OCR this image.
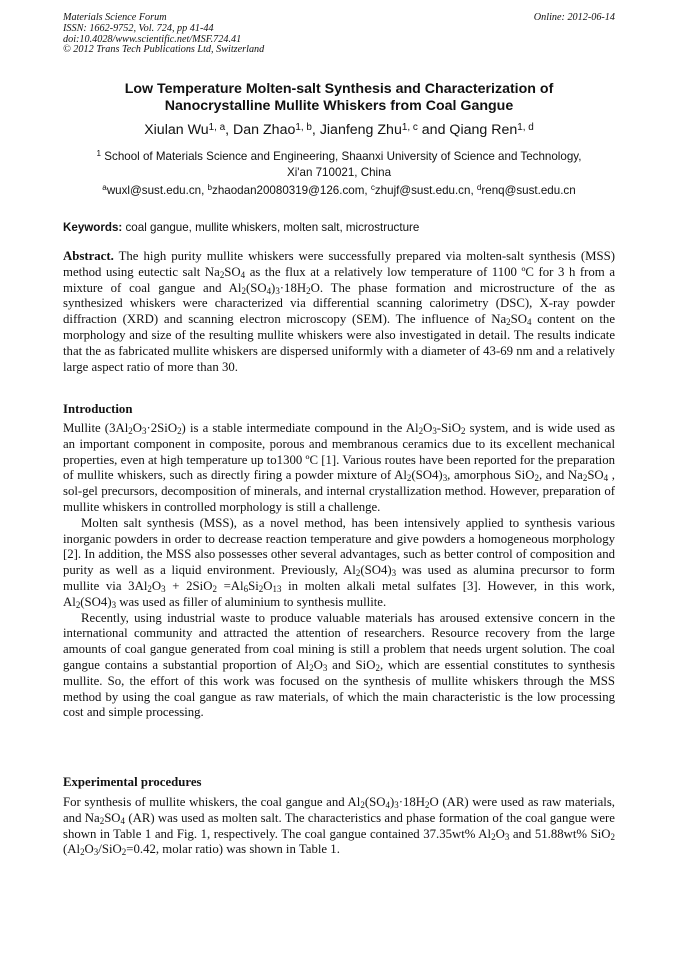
Materials Science Forum
ISSN: 1662-9752, Vol. 724, pp 41-44
doi:10.4028/www.scientific.net/MSF.724.41
© 2012 Trans Tech Publications Ltd, Switzerland
Online: 2012-06-14
Low Temperature Molten-salt Synthesis and Characterization of
Nanocrystalline Mullite Whiskers from Coal Gangue
Xiulan Wu$^{1, a}$, Dan Zhao$^{1, b}$, Jianfeng Zhu$^{1, c}$ and Qiang Ren$^{1, d}$
$^1$ School of Materials Science and Engineering, Shaanxi University of Science and Technology,
Xi'an 710021, China
$^a$wuxl@sust.edu.cn, $^b$zhaodan20080319@126.com, $^c$zhujf@sust.edu.cn, $^d$renq@sust.edu.cn
Keywords: coal gangue, mullite whiskers, molten salt, microstructure

Abstract. The high purity mullite whiskers were successfully prepared via molten-salt synthesis (MSS) method using eutectic salt $Na_2SO_4$ as the flux at a relatively low temperature of 1100 ºC for 3 h from a mixture of coal gangue and $Al_2(SO_4)_3\cdot 18H_2O$. The phase formation and microstructure of the as synthesized whiskers were characterized via differential scanning calorimetry (DSC), X-ray powder diffraction (XRD) and scanning electron microscopy (SEM). The influence of $Na_2SO_4$ content on the morphology and size of the resulting mullite whiskers were also investigated in detail. The results indicate that the as fabricated mullite whiskers are dispersed uniformly with a diameter of 43-69 nm and a relatively large aspect ratio of more than 30.

Introduction

Mullite $(3Al_2O_3\cdot 2SiO_2)$ is a stable intermediate compound in the $Al_2O_3-SiO_2$ system, and is wide used as an important component in composite, porous and membranous ceramics due to its excellent mechanical properties, even at high temperature up to1300 ºC [1]. Various routes have been reported for the preparation of mullite whiskers, such as directly firing a powder mixture of $Al_2(SO4)_3$, amorphous SiO$_2$, and $Na_2SO_4$ , sol-gel precursors, decomposition of minerals, and internal crystallization method. However, preparation of mullite whiskers in controlled morphology is still a challenge.

Molten salt synthesis (MSS), as a novel method, has been intensively applied to synthesis various inorganic powders in order to decrease reaction temperature and give powders a homogeneous morphology [2]. In addition, the MSS also possesses other several advantages, such as better control of composition and purity as well as a liquid environment. Previously, $Al_2(SO4)_3$ was used as alumina precursor to form mullite via $3Al_2O_3 + 2SiO_2 =Al_6Si_2O_{13}$ in molten alkali metal sulfates [3]. However, in this work, $Al_2(SO4)_3$ was used as filler of aluminium to synthesis mullite.

Recently, using industrial waste to produce valuable materials has aroused extensive concern in the international community and attracted the attention of researchers. Resource recovery from the large amounts of coal gangue generated from coal mining is still a problem that needs urgent solution. The coal gangue contains a substantial proportion of $Al_2O_3$ and SiO$_2$, which are essential constitutes to synthesis mullite. So, the effort of this work was focused on the synthesis of mullite whiskers through the MSS method by using the coal gangue as raw materials, of which the main characteristic is the low processing cost and simple processing.

Experimental procedures

For synthesis of mullite whiskers, the coal gangue and $Al_2(SO_4)_3\cdot 18H_2O$ (AR) were used as raw materials, and $Na_2SO_4$ (AR) was used as molten salt. The characteristics and phase formation of the coal gangue were shown in Table 1 and Fig. 1, respectively. The coal gangue contained 37.35wt% $Al_2O_3$ and 51.88wt% SiO$_2$ ($Al_2O_3/SiO_2=0.42$, molar ratio) was shown in Table 1.
